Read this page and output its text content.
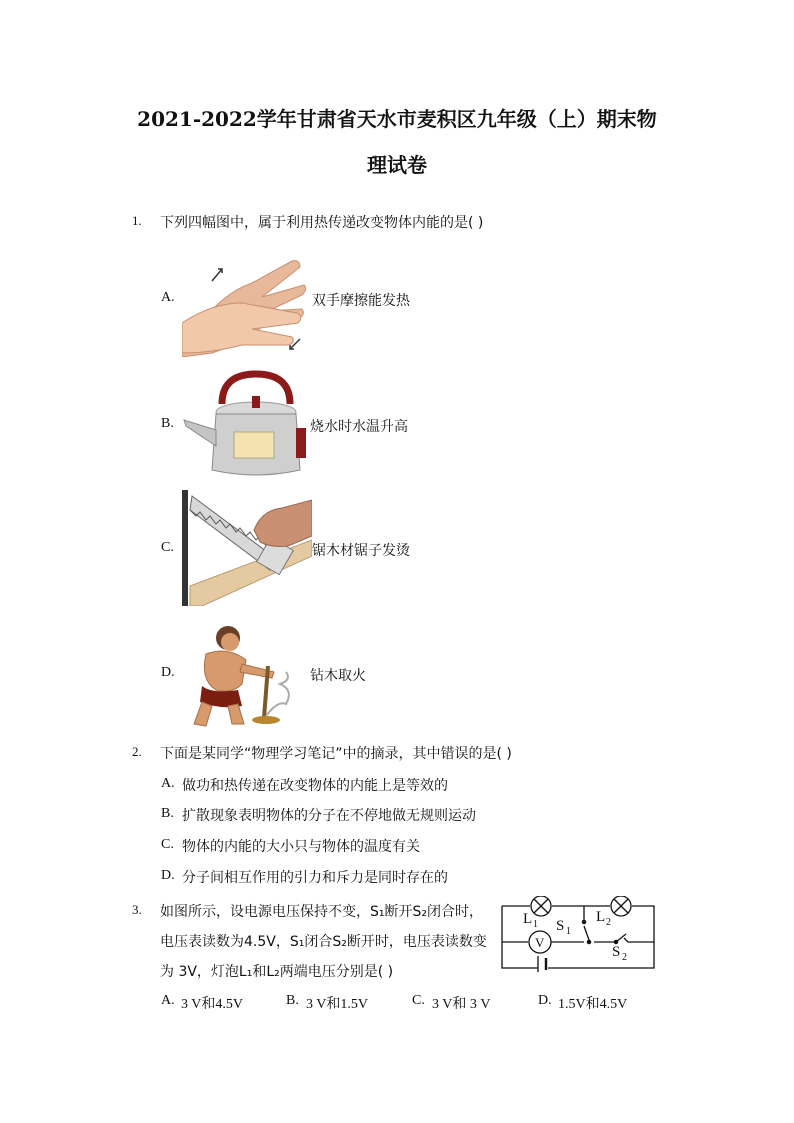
2021-2022学年甘肃省天水市麦积区九年级（上）期末物
理试卷
1. 下列四幅图中，属于利用热传递改变物体内能的是( )
A.	双手摩擦能发热
B.	烧水时水温升高
C.	锯木材锯子发烫
D.	钻木取火
2. 下面是某同学“物理学习笔记”中的摘录，其中错误的是( )
A. 做功和热传递在改变物体的内能上是等效的
B. 扩散现象表明物体的分子在不停地做无规则运动
C. 物体的内能的大小只与物体的温度有关
D. 分子间相互作用的引力和斥力是同时存在的
3. 如图所示，设电源电压保持不变，S₁断开S₂闭合时，
电压表读数为4.5V，S₁闭合S₂断开时，电压表读数变
为 3V，灯泡L₁和L₂两端电压分别是( )
A. 3 V和4.5V	B. 3 V和1.5V	C. 3 V和 3 V	D. 1.5V和4.5V
L 1	L 2
S 1
S 2
V
